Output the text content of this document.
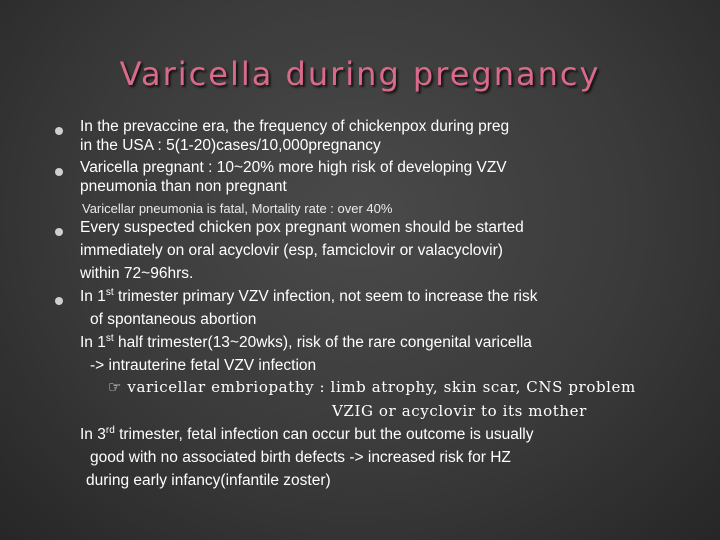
Varicella during pregnancy
In the prevaccine era, the frequency of chickenpox during preg
in the USA : 5(1-20)cases/10,000pregnancy
Varicella pregnant : 10~20% more high risk of developing VZV
pneumonia than non pregnant
Varicellar pneumonia is fatal, Mortality rate : over 40%
Every suspected chicken pox pregnant women should be started
immediately on oral acyclovir (esp, famciclovir or valacyclovir)
within 72~96hrs.
In 1st trimester primary VZV infection, not seem to increase the risk
of spontaneous abortion
In 1st half trimester(13~20wks), risk of the rare congenital varicella
-> intrauterine fetal VZV infection
☞ varicellar embriopathy : limb atrophy, skin scar, CNS problem
VZIG or acyclovir to its mother
In 3rd trimester, fetal infection can occur but the outcome is usually
good with no associated birth defects -> increased risk for HZ
during early infancy(infantile zoster)
